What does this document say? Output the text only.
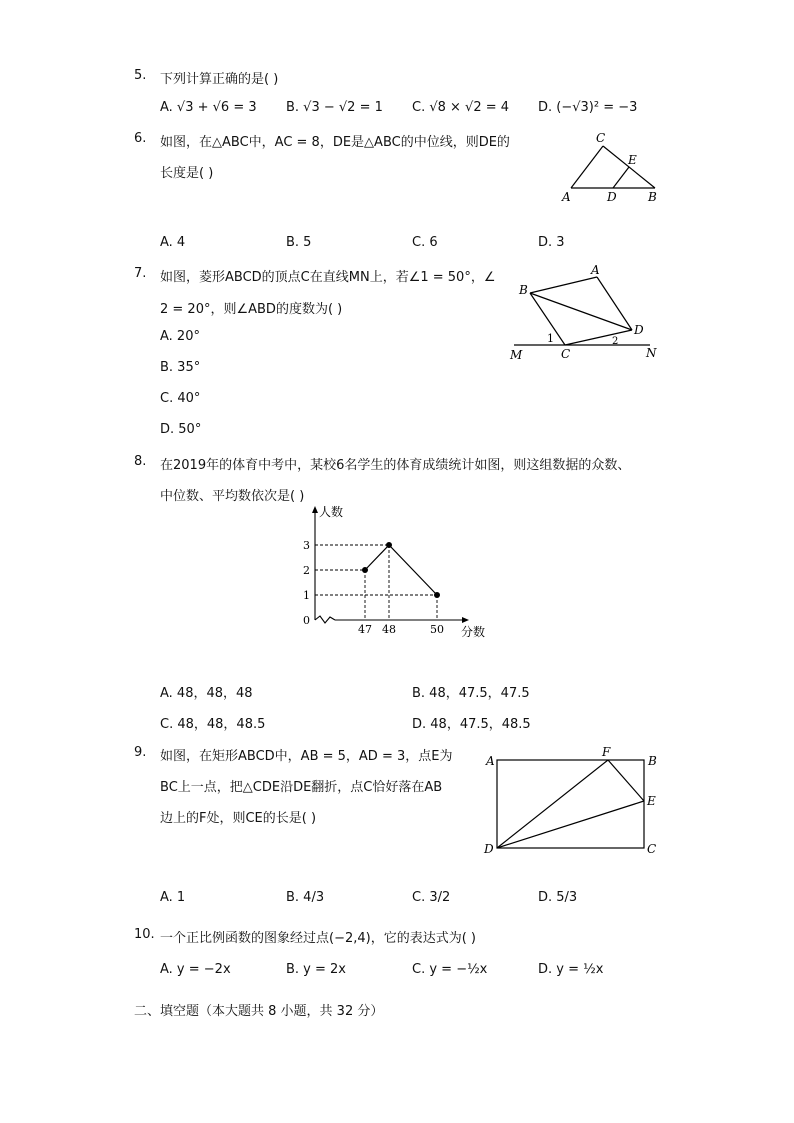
5. 下列计算正确的是( )
A. √3 + √6 = 3 B. √3 − √2 = 1 C. √8 × √2 = 4 D. (−√3)² = −3
6. 如图，在△ABC中，AC = 8，DE是△ABC的中位线，则DE的
长度是( )
C
E
A	D	B
A. 4	B. 5	C. 6	D. 3
7. 如图，菱形ABCD的顶点C在直线MN上，若∠1 = 50°，∠
2 = 20°，则∠ABD的度数为( )
A. 20°
B. 35°
C. 40°
D. 50°
A
B
D
C
M	N
1	2
8. 在2019年的体育中考中，某校6名学生的体育成绩统计如图，则这组数据的众数、
中位数、平均数依次是( )
人数
分数
0
1
2
3
47 48	50
A. 48，48，48	B. 48，47.5，47.5
C. 48，48，48.5	D. 48，47.5，48.5
9. 如图，在矩形ABCD中，AB = 5，AD = 3，点E为
BC上一点，把△CDE沿DE翻折，点C恰好落在AB
边上的F处，则CE的长是( )
A
F
B
E
D	C
A. 1	B. 4/3	C. 3/2	D. 5/3
10. 一个正比例函数的图象经过点(−2,4)，它的表达式为( )
A. y = −2x	B. y = 2x	C. y = −½x	D. y = ½x
二、填空题（本大题共 8 小题，共 32 分）
